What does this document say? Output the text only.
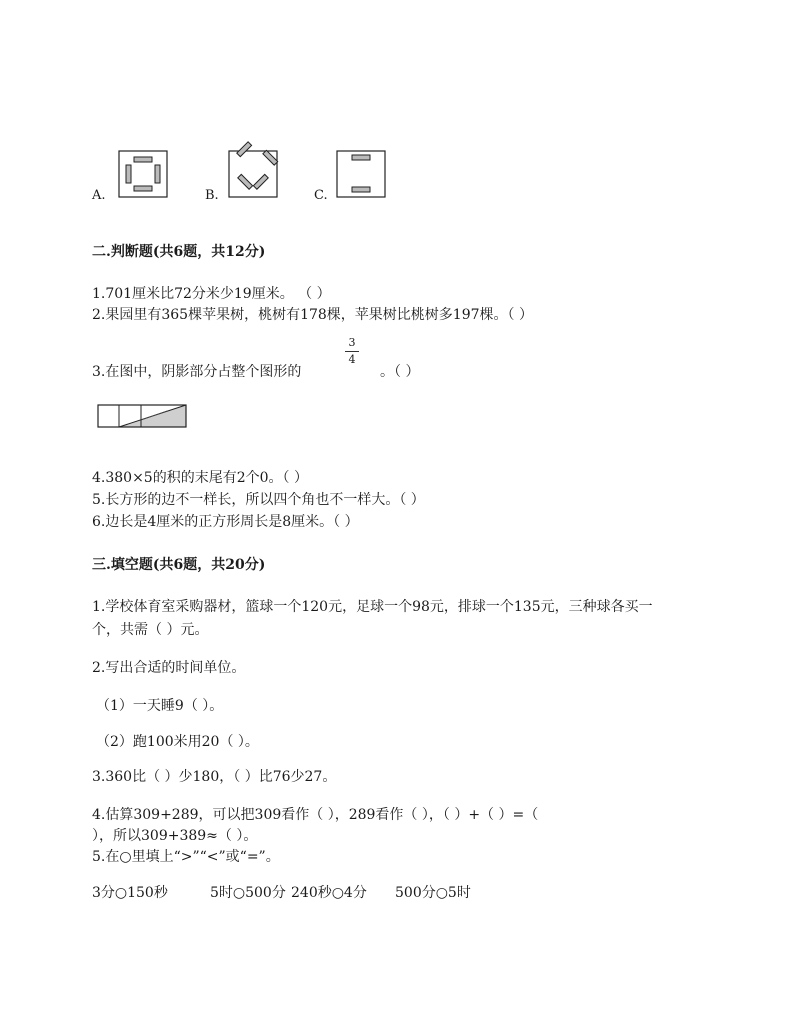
A.	B.	C.
二.判断题(共6题，共12分)
1.701厘米比72分米少19厘米。 （ ）
2.果园里有365棵苹果树，桃树有178棵，苹果树比桃树多197棵。（ ）
3.在图中，阴影部分占整个图形的
3
4
。（ ）
4.380×5的积的末尾有2个0。（ ）
5.长方形的边不一样长，所以四个角也不一样大。（ ）
6.边长是4厘米的正方形周长是8厘米。（ ）
三.填空题(共6题，共20分)
1.学校体育室采购器材，篮球一个120元，足球一个98元，排球一个135元，三种球各买一
个，共需（ ）元。
2.写出合适的时间单位。
（1）一天睡9（ ）。
（2）跑100米用20（ ）。
3.360比（ ）少180，（ ）比76少27。
4.估算309+289，可以把309看作（ ），289看作（ ），（ ）+（ ）=（
），所以309+389≈（ ）。
5.在○里填上“>”“<”或“=”。
3分○150秒	5时○500分 240秒○4分 500分○5时
